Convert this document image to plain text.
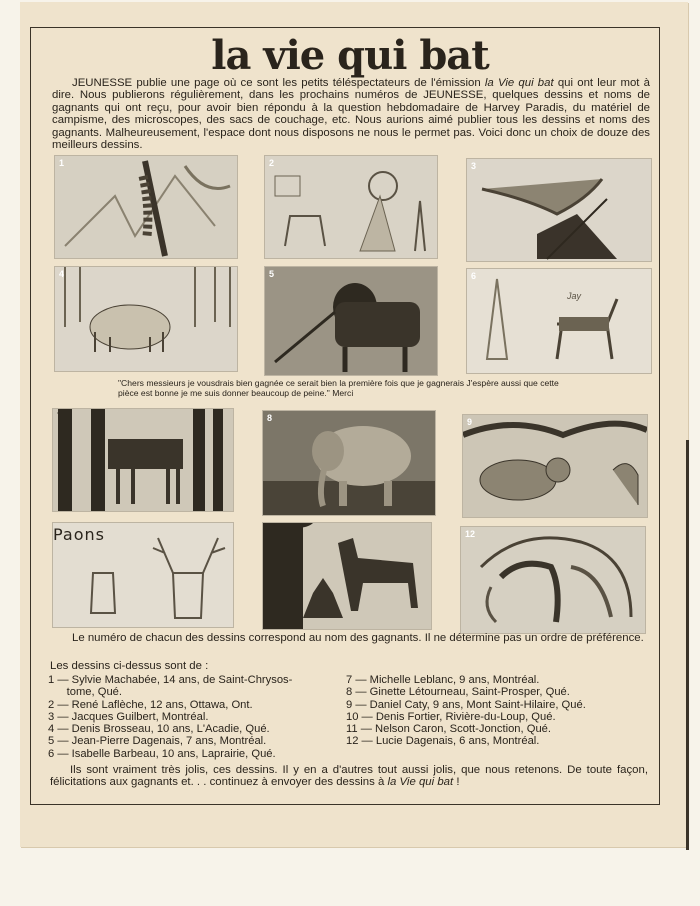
la vie qui bat
JEUNESSE publie une page où ce sont les petits téléspectateurs de l'émission la Vie qui bat qui ont leur mot à dire. Nous publierons régulièrement, dans les prochains numéros de JEUNESSE, quelques dessins et noms de gagnants qui ont reçu, pour avoir bien répondu à la question hebdomadaire de Harvey Paradis, du matériel de campisme, des microscopes, des sacs de couchage, etc. Nous aurions aimé publier tous les dessins et noms des gagnants. Malheureusement, l'espace dont nous disposons ne nous le permet pas. Voici donc un choix de douze des meilleurs dessins.
1	2	3
4	5	6
Jay
"Chers messieurs je vousdrais bien gagnée ce serait bien la première fois que je gagnerais J'espère aussi que cette pièce est bonne je me suis donner beaucoup de peine." Merci
8	9
Paons	12
Le numéro de chacun des dessins correspond au nom des gagnants. Il ne détermine pas un ordre de préférence.
Les dessins ci-dessus sont de :
1 — Sylvie Machabée, 14 ans, de Saint-Chrysos-
tome, Qué.
2 — René Laflèche, 12 ans, Ottawa, Ont.
3 — Jacques Guilbert, Montréal.
4 — Denis Brosseau, 10 ans, L'Acadie, Qué.
5 — Jean-Pierre Dagenais, 7 ans, Montréal.
6 — Isabelle Barbeau, 10 ans, Laprairie, Qué.
7 — Michelle Leblanc, 9 ans, Montréal.
8 — Ginette Létourneau, Saint-Prosper, Qué.
9 — Daniel Caty, 9 ans, Mont Saint-Hilaire, Qué.
10 — Denis Fortier, Rivière-du-Loup, Qué.
11 — Nelson Caron, Scott-Jonction, Qué.
12 — Lucie Dagenais, 6 ans, Montréal.
Ils sont vraiment très jolis, ces dessins. Il y en a d'autres tout aussi jolis, que nous retenons. De toute façon, félicitations aux gagnants et. . . continuez à envoyer des dessins à la Vie qui bat !
